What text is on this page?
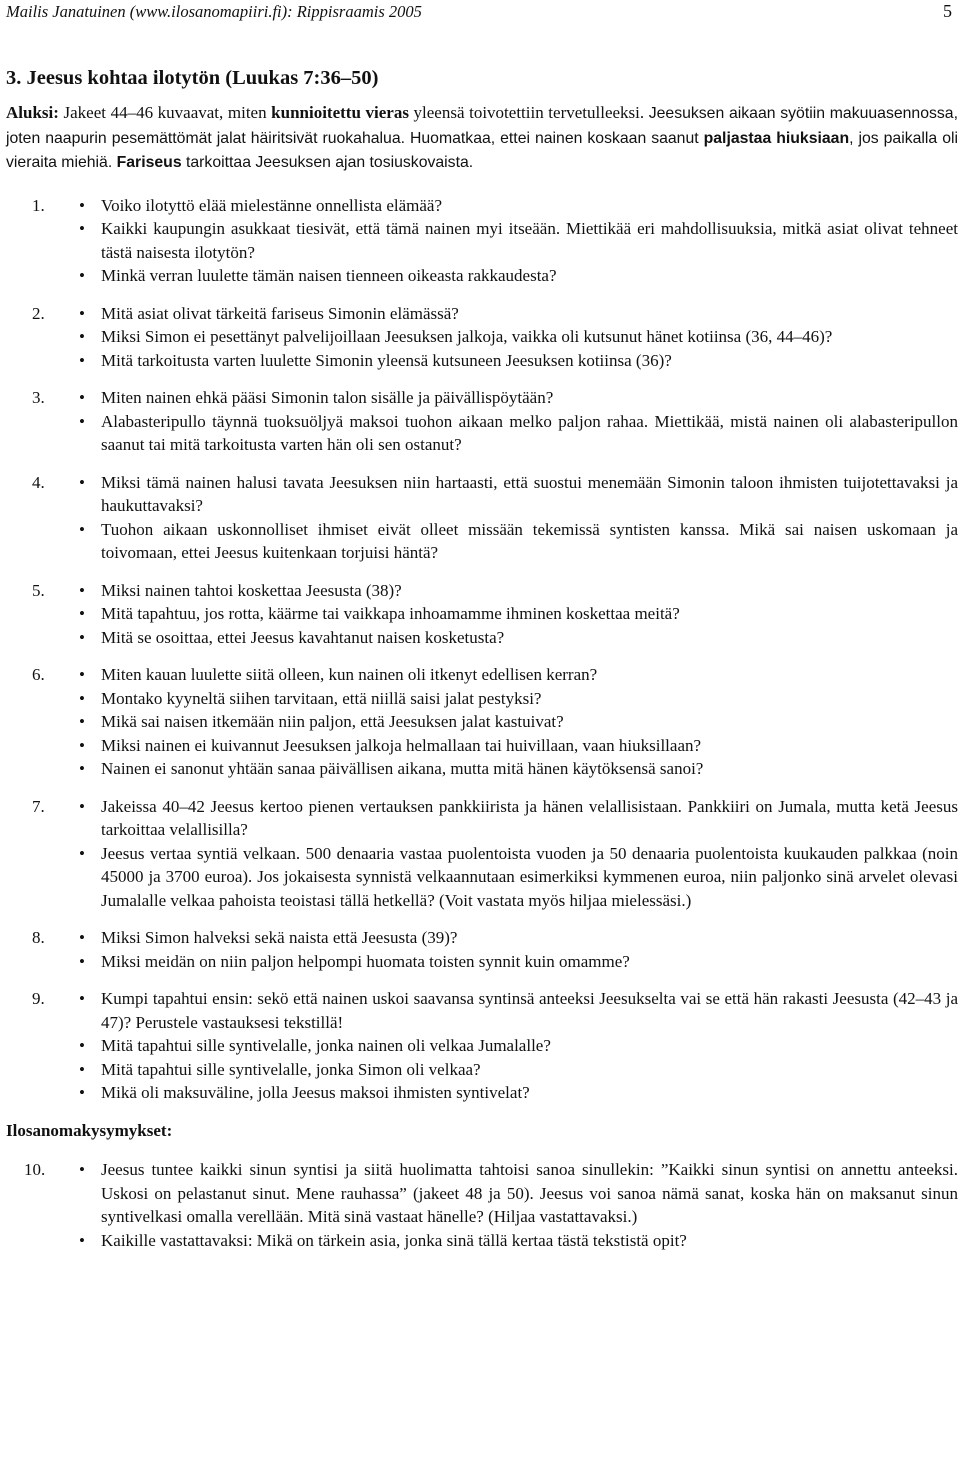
Mailis Janatuinen (www.ilosanomapiiri.fi): Rippisraamis 2005	5
3. Jeesus kohtaa ilotytön (Luukas 7:36–50)
Aluksi: Jakeet 44–46 kuvaavat, miten kunnioitettu vieras yleensä toivotettiin tervetulleeksi. Jeesuksen aikaan syötiin makuuasennossa, joten naapurin pesemättömät jalat häiritsivät ruokahalua. Huomatkaa, ettei nainen koskaan saanut paljastaa hiuksiaan, jos paikalla oli vieraita miehiä. Fariseus tarkoittaa Jeesuksen ajan tosiuskovaista.
1.	• Voiko ilotyttö elää mielestänne onnellista elämää?
• Kaikki kaupungin asukkaat tiesivät, että tämä nainen myi itseään. Miettikää eri mahdollisuuksia, mitkä asiat olivat tehneet tästä naisesta ilotytön?
• Minkä verran luulette tämän naisen tienneen oikeasta rakkaudesta?
2.	• Mitä asiat olivat tärkeitä fariseus Simonin elämässä?
• Miksi Simon ei pesettänyt palvelijoillaan Jeesuksen jalkoja, vaikka oli kutsunut hänet kotiinsa (36, 44–46)?
• Mitä tarkoitusta varten luulette Simonin yleensä kutsuneen Jeesuksen kotiinsa (36)?
3.	• Miten nainen ehkä pääsi Simonin talon sisälle ja päivällispöytään?
• Alabasteripullo täynnä tuoksuöljyä maksoi tuohon aikaan melko paljon rahaa. Miettikää, mistä nainen oli alabasteripullon saanut tai mitä tarkoitusta varten hän oli sen ostanut?
4.	• Miksi tämä nainen halusi tavata Jeesuksen niin hartaasti, että suostui menemään Simonin taloon ihmisten tuijotettavaksi ja haukuttavaksi?
• Tuohon aikaan uskonnolliset ihmiset eivät olleet missään tekemissä syntisten kanssa. Mikä sai naisen uskomaan ja toivomaan, ettei Jeesus kuitenkaan torjuisi häntä?
5.	• Miksi nainen tahtoi koskettaa Jeesusta (38)?
• Mitä tapahtuu, jos rotta, käärme tai vaikkapa inhoamamme ihminen koskettaa meitä?
• Mitä se osoittaa, ettei Jeesus kavahtanut naisen kosketusta?
6.	• Miten kauan luulette siitä olleen, kun nainen oli itkenyt edellisen kerran?
• Montako kyyneltä siihen tarvitaan, että niillä saisi jalat pestyksi?
• Mikä sai naisen itkemään niin paljon, että Jeesuksen jalat kastuivat?
• Miksi nainen ei kuivannut Jeesuksen jalkoja helmallaan tai huivillaan, vaan hiuksillaan?
• Nainen ei sanonut yhtään sanaa päivällisen aikana, mutta mitä hänen käytöksensä sanoi?
7.	• Jakeissa 40–42 Jeesus kertoo pienen vertauksen pankkiirista ja hänen velallisistaan. Pankkiiri on Jumala, mutta ketä Jeesus tarkoittaa velallisilla?
• Jeesus vertaa syntiä velkaan. 500 denaaria vastaa puolentoista vuoden ja 50 denaaria puolentoista kuukauden palkkaa (noin 45000 ja 3700 euroa). Jos jokaisesta synnistä velkaannutaan esimerkiksi kymmenen euroa, niin paljonko sinä arvelet olevasi Jumalalle velkaa pahoista teoistasi tällä hetkellä? (Voit vastata myös hiljaa mielessäsi.)
8.	• Miksi Simon halveksi sekä naista että Jeesusta (39)?
• Miksi meidän on niin paljon helpompi huomata toisten synnit kuin omamme?
9.	• Kumpi tapahtui ensin: sekö että nainen uskoi saavansa syntinsä anteeksi Jeesukselta vai se että hän rakasti Jeesusta (42–43 ja 47)? Perustele vastauksesi tekstillä!
• Mitä tapahtui sille syntivelalle, jonka nainen oli velkaa Jumalalle?
• Mitä tapahtui sille syntivelalle, jonka Simon oli velkaa?
• Mikä oli maksuväline, jolla Jeesus maksoi ihmisten syntivelat?
Ilosanomakysymykset:
10.	• Jeesus tuntee kaikki sinun syntisi ja siitä huolimatta tahtoisi sanoa sinullekin: ”Kaikki sinun syntisi on annettu anteeksi. Uskosi on pelastanut sinut. Mene rauhassa” (jakeet 48 ja 50). Jeesus voi sanoa nämä sanat, koska hän on maksanut sinun syntivelkasi omalla verellään. Mitä sinä vastaat hänelle? (Hiljaa vastattavaksi.)
• Kaikille vastattavaksi: Mikä on tärkein asia, jonka sinä tällä kertaa tästä tekstistä opit?
